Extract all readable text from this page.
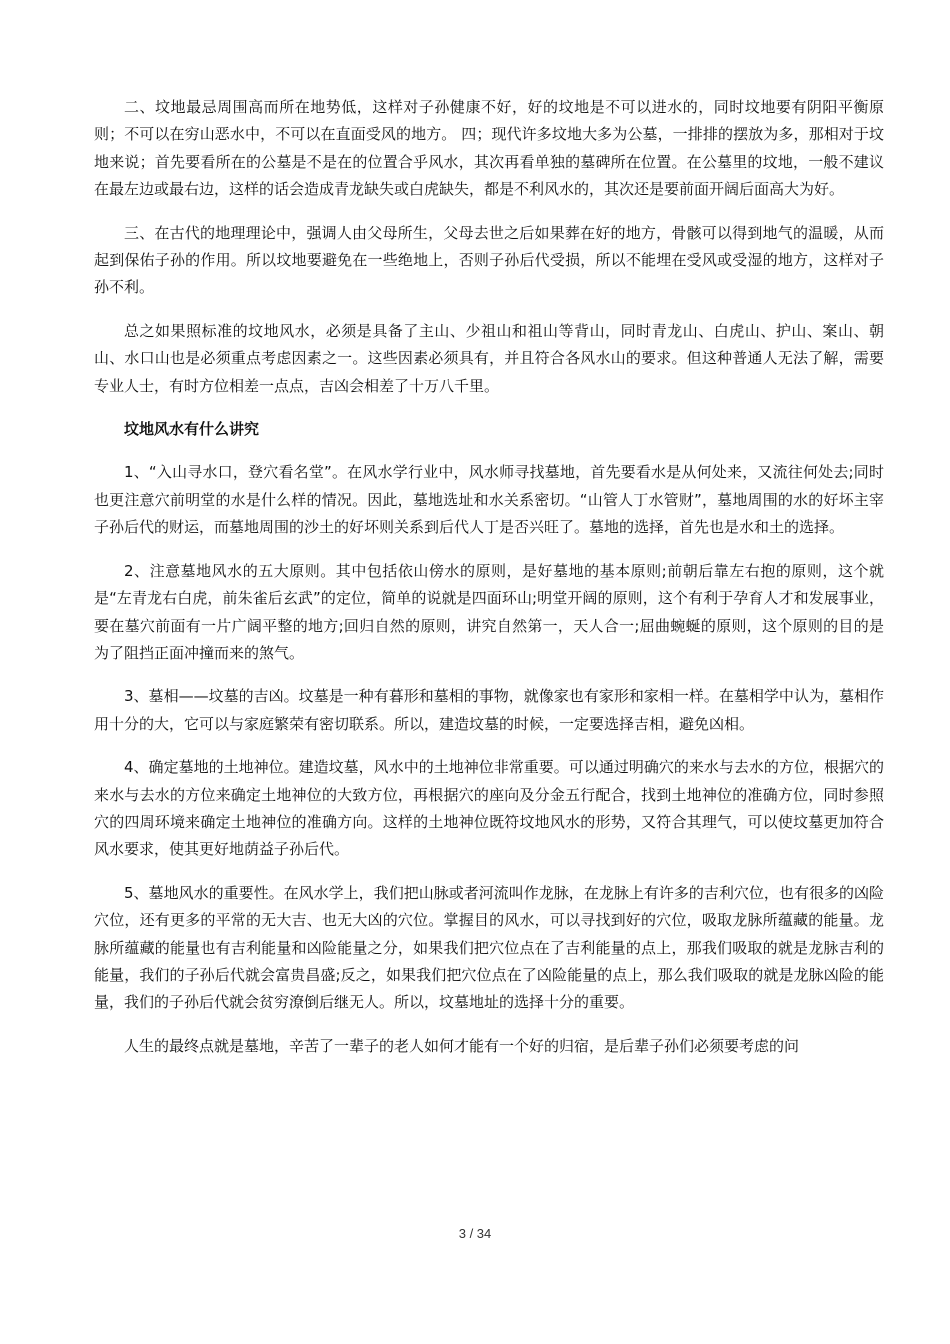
二、坟地最忌周围高而所在地势低，这样对子孙健康不好，好的坟地是不可以进水的，同时坟地要有阴阳平衡原则；不可以在穷山恶水中，不可以在直面受风的地方。 四；现代许多坟地大多为公墓，一排排的摆放为多，那相对于坟地来说；首先要看所在的公墓是不是在的位置合乎风水，其次再看单独的墓碑所在位置。在公墓里的坟地，一般不建议在最左边或最右边，这样的话会造成青龙缺失或白虎缺失，都是不利风水的，其次还是要前面开阔后面高大为好。

三、在古代的地理理论中，强调人由父母所生，父母去世之后如果葬在好的地方，骨骸可以得到地气的温暖，从而起到保佑子孙的作用。所以坟地要避免在一些绝地上，否则子孙后代受损，所以不能埋在受风或受湿的地方，这样对子孙不利。

总之如果照标准的坟地风水，必须是具备了主山、少祖山和祖山等背山，同时青龙山、白虎山、护山、案山、朝山、水口山也是必须重点考虑因素之一。这些因素必须具有，并且符合各风水山的要求。但这种普通人无法了解，需要专业人士，有时方位相差一点点，吉凶会相差了十万八千里。

坟地风水有什么讲究

1、“入山寻水口，登穴看名堂”。在风水学行业中，风水师寻找墓地，首先要看水是从何处来，又流往何处去;同时也更注意穴前明堂的水是什么样的情况。因此，墓地选址和水关系密切。“山管人丁水管财”，墓地周围的水的好坏主宰子孙后代的财运，而墓地周围的沙土的好坏则关系到后代人丁是否兴旺了。墓地的选择，首先也是水和土的选择。

2、注意墓地风水的五大原则。其中包括依山傍水的原则，是好墓地的基本原则;前朝后靠左右抱的原则，这个就是“左青龙右白虎，前朱雀后玄武”的定位，简单的说就是四面环山;明堂开阔的原则，这个有利于孕育人才和发展事业，要在墓穴前面有一片广阔平整的地方;回归自然的原则，讲究自然第一，天人合一;屈曲蜿蜒的原则，这个原则的目的是为了阻挡正面冲撞而来的煞气。

3、墓相——坟墓的吉凶。坟墓是一种有暮形和墓相的事物，就像家也有家形和家相一样。在墓相学中认为，墓相作用十分的大，它可以与家庭繁荣有密切联系。所以，建造坟墓的时候，一定要选择吉相，避免凶相。

4、确定墓地的土地神位。建造坟墓，风水中的土地神位非常重要。可以通过明确穴的来水与去水的方位，根据穴的来水与去水的方位来确定土地神位的大致方位，再根据穴的座向及分金五行配合，找到土地神位的准确方位，同时参照穴的四周环境来确定土地神位的准确方向。这样的土地神位既符坟地风水的形势，又符合其理气，可以使坟墓更加符合风水要求，使其更好地荫益子孙后代。

5、墓地风水的重要性。在风水学上，我们把山脉或者河流叫作龙脉，在龙脉上有许多的吉利穴位，也有很多的凶险穴位，还有更多的平常的无大吉、也无大凶的穴位。掌握目的风水，可以寻找到好的穴位，吸取龙脉所蕴藏的能量。龙脉所蕴藏的能量也有吉利能量和凶险能量之分，如果我们把穴位点在了吉利能量的点上，那我们吸取的就是龙脉吉利的能量，我们的子孙后代就会富贵昌盛;反之，如果我们把穴位点在了凶险能量的点上，那么我们吸取的就是龙脉凶险的能量，我们的子孙后代就会贫穷潦倒后继无人。所以，坟墓地址的选择十分的重要。

人生的最终点就是墓地，辛苦了一辈子的老人如何才能有一个好的归宿，是后辈子孙们必须要考虑的问

3 / 34
